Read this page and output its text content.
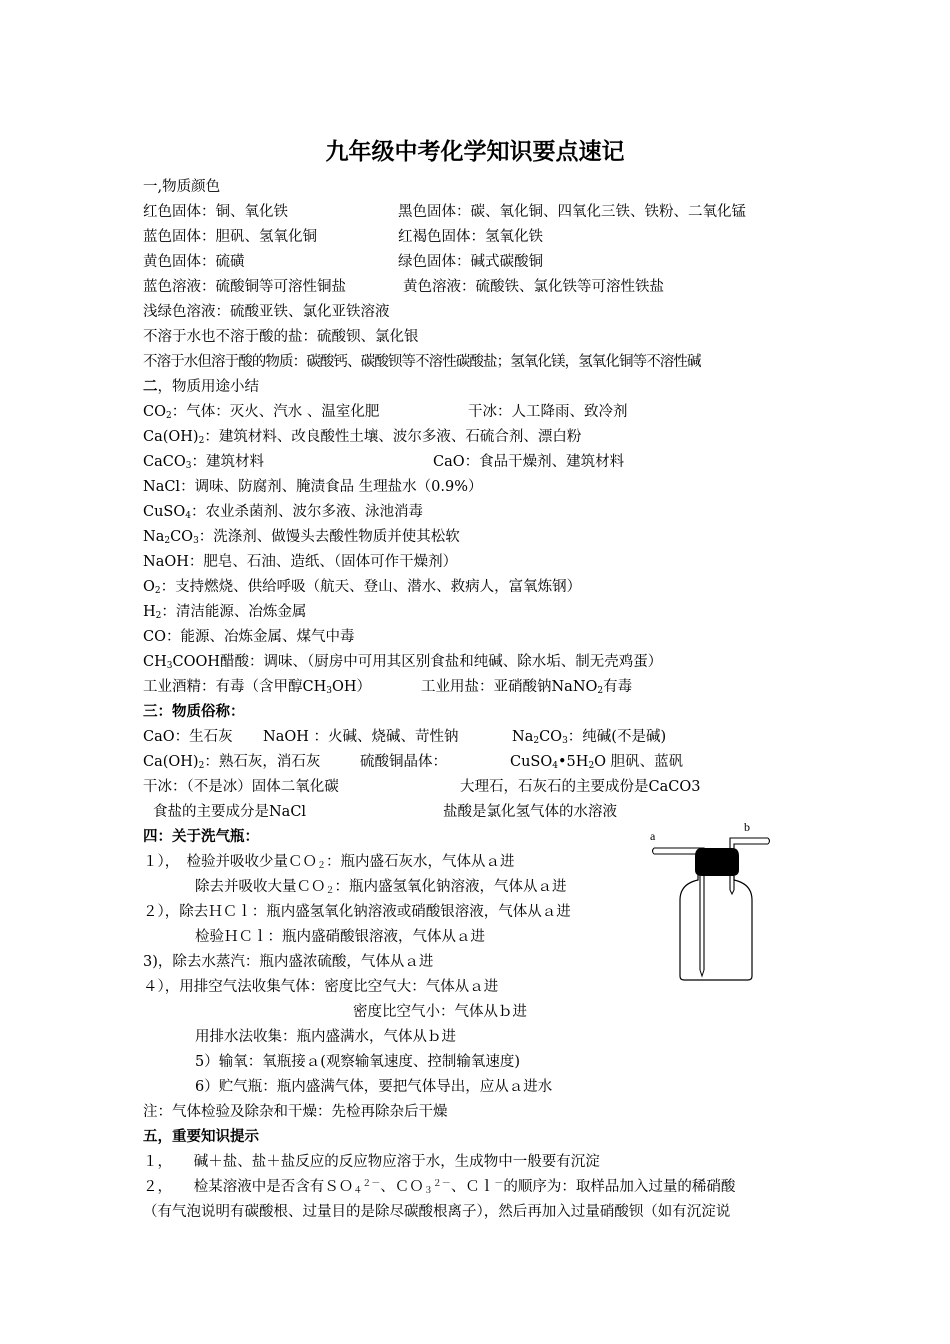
九年级中考化学知识要点速记
一,物质颜色
红色固体：铜、氧化铁	黑色固体：碳、氧化铜、四氧化三铁、铁粉、二氧化锰
蓝色固体：胆矾、氢氧化铜	红褐色固体：氢氧化铁
黄色固体：硫磺	绿色固体：碱式碳酸铜
蓝色溶液：硫酸铜等可溶性铜盐	黄色溶液：硫酸铁、氯化铁等可溶性铁盐
浅绿色溶液：硫酸亚铁、氯化亚铁溶液
不溶于水也不溶于酸的盐：硫酸钡、氯化银
不溶于水但溶于酸的物质：碳酸钙、碳酸钡等不溶性碳酸盐；氢氧化镁，氢氧化铜等不溶性碱
二，物质用途小结
$CO_2$：气体：灭火、汽水 、温室化肥	干冰：人工降雨、致冷剂
$Ca(OH)_2$：建筑材料、改良酸性土壤、波尔多液、石硫合剂、漂白粉
CaCO$_3$：建筑材料	CaO：食品干燥剂、建筑材料
NaCl：调味、防腐剂、腌渍食品 生理盐水（0.9%）
CuSO$_4$：农业杀菌剂、波尔多液、泳池消毒
$Na_2CO_3$：洗涤剂、做馒头去酸性物质并使其松软
NaOH：肥皂、石油、造纸、（固体可作干燥剂）
$O_2$：支持燃烧、供给呼吸（航天、登山、潜水、救病人，富氧炼钢）
$H_2$：清洁能源、冶炼金属
CO：能源、冶炼金属、煤气中毒
$CH_3COOH$醋酸：调味、（厨房中可用其区别食盐和纯碱、除水垢、制无壳鸡蛋）
工业酒精：有毒（含甲醇$CH_3OH$）	工业用盐：亚硝酸钠NaNO$_2$有毒
三：物质俗称：
CaO：生石灰 NaOH ：火碱、烧碱、苛性钠	$Na_2CO_3$：纯碱(不是碱)
$Ca(OH)_2$：熟石灰，消石灰	硫酸铜晶体：	$CuSO_4•5H_2O$ 胆矾、蓝矾
干冰：（不是冰）固体二氧化碳	大理石，石灰石的主要成份是CaCO3
食盐的主要成分是NaCl	盐酸是氯化氢气体的水溶液
四：关于洗气瓶：
１），　检验并吸收少量ＣＯ$_2$：瓶内盛石灰水，气体从ａ进
除去并吸收大量ＣＯ$_2$：瓶内盛氢氧化钠溶液，气体从ａ进
２），除去ＨＣｌ：瓶内盛氢氧化钠溶液或硝酸银溶液，气体从ａ进
检验ＨＣｌ：瓶内盛硝酸银溶液，气体从ａ进
3)，除去水蒸汽：瓶内盛浓硫酸，气体从ａ进
４），用排空气法收集气体：密度比空气大：气体从ａ进
密度比空气小：气体从ｂ进
用排水法收集：瓶内盛满水，气体从ｂ进
5）输氧：氧瓶接ａ(观察输氧速度、控制输氧速度)
6）贮气瓶：瓶内盛满气体，要把气体导出，应从ａ进水
注：气体检验及除杂和干燥：先检再除杂后干燥
a
b
五，重要知识提示
１，　　碱＋盐、盐＋盐反应的反应物应溶于水，生成物中一般要有沉淀
２，　　检某溶液中是否含有ＳＯ$_4^{2-}$、ＣＯ$_3^{2-}$、Ｃｌ－的顺序为：取样品加入过量的稀硝酸
（有气泡说明有碳酸根、过量目的是除尽碳酸根离子），然后再加入过量硝酸钡（如有沉淀说
